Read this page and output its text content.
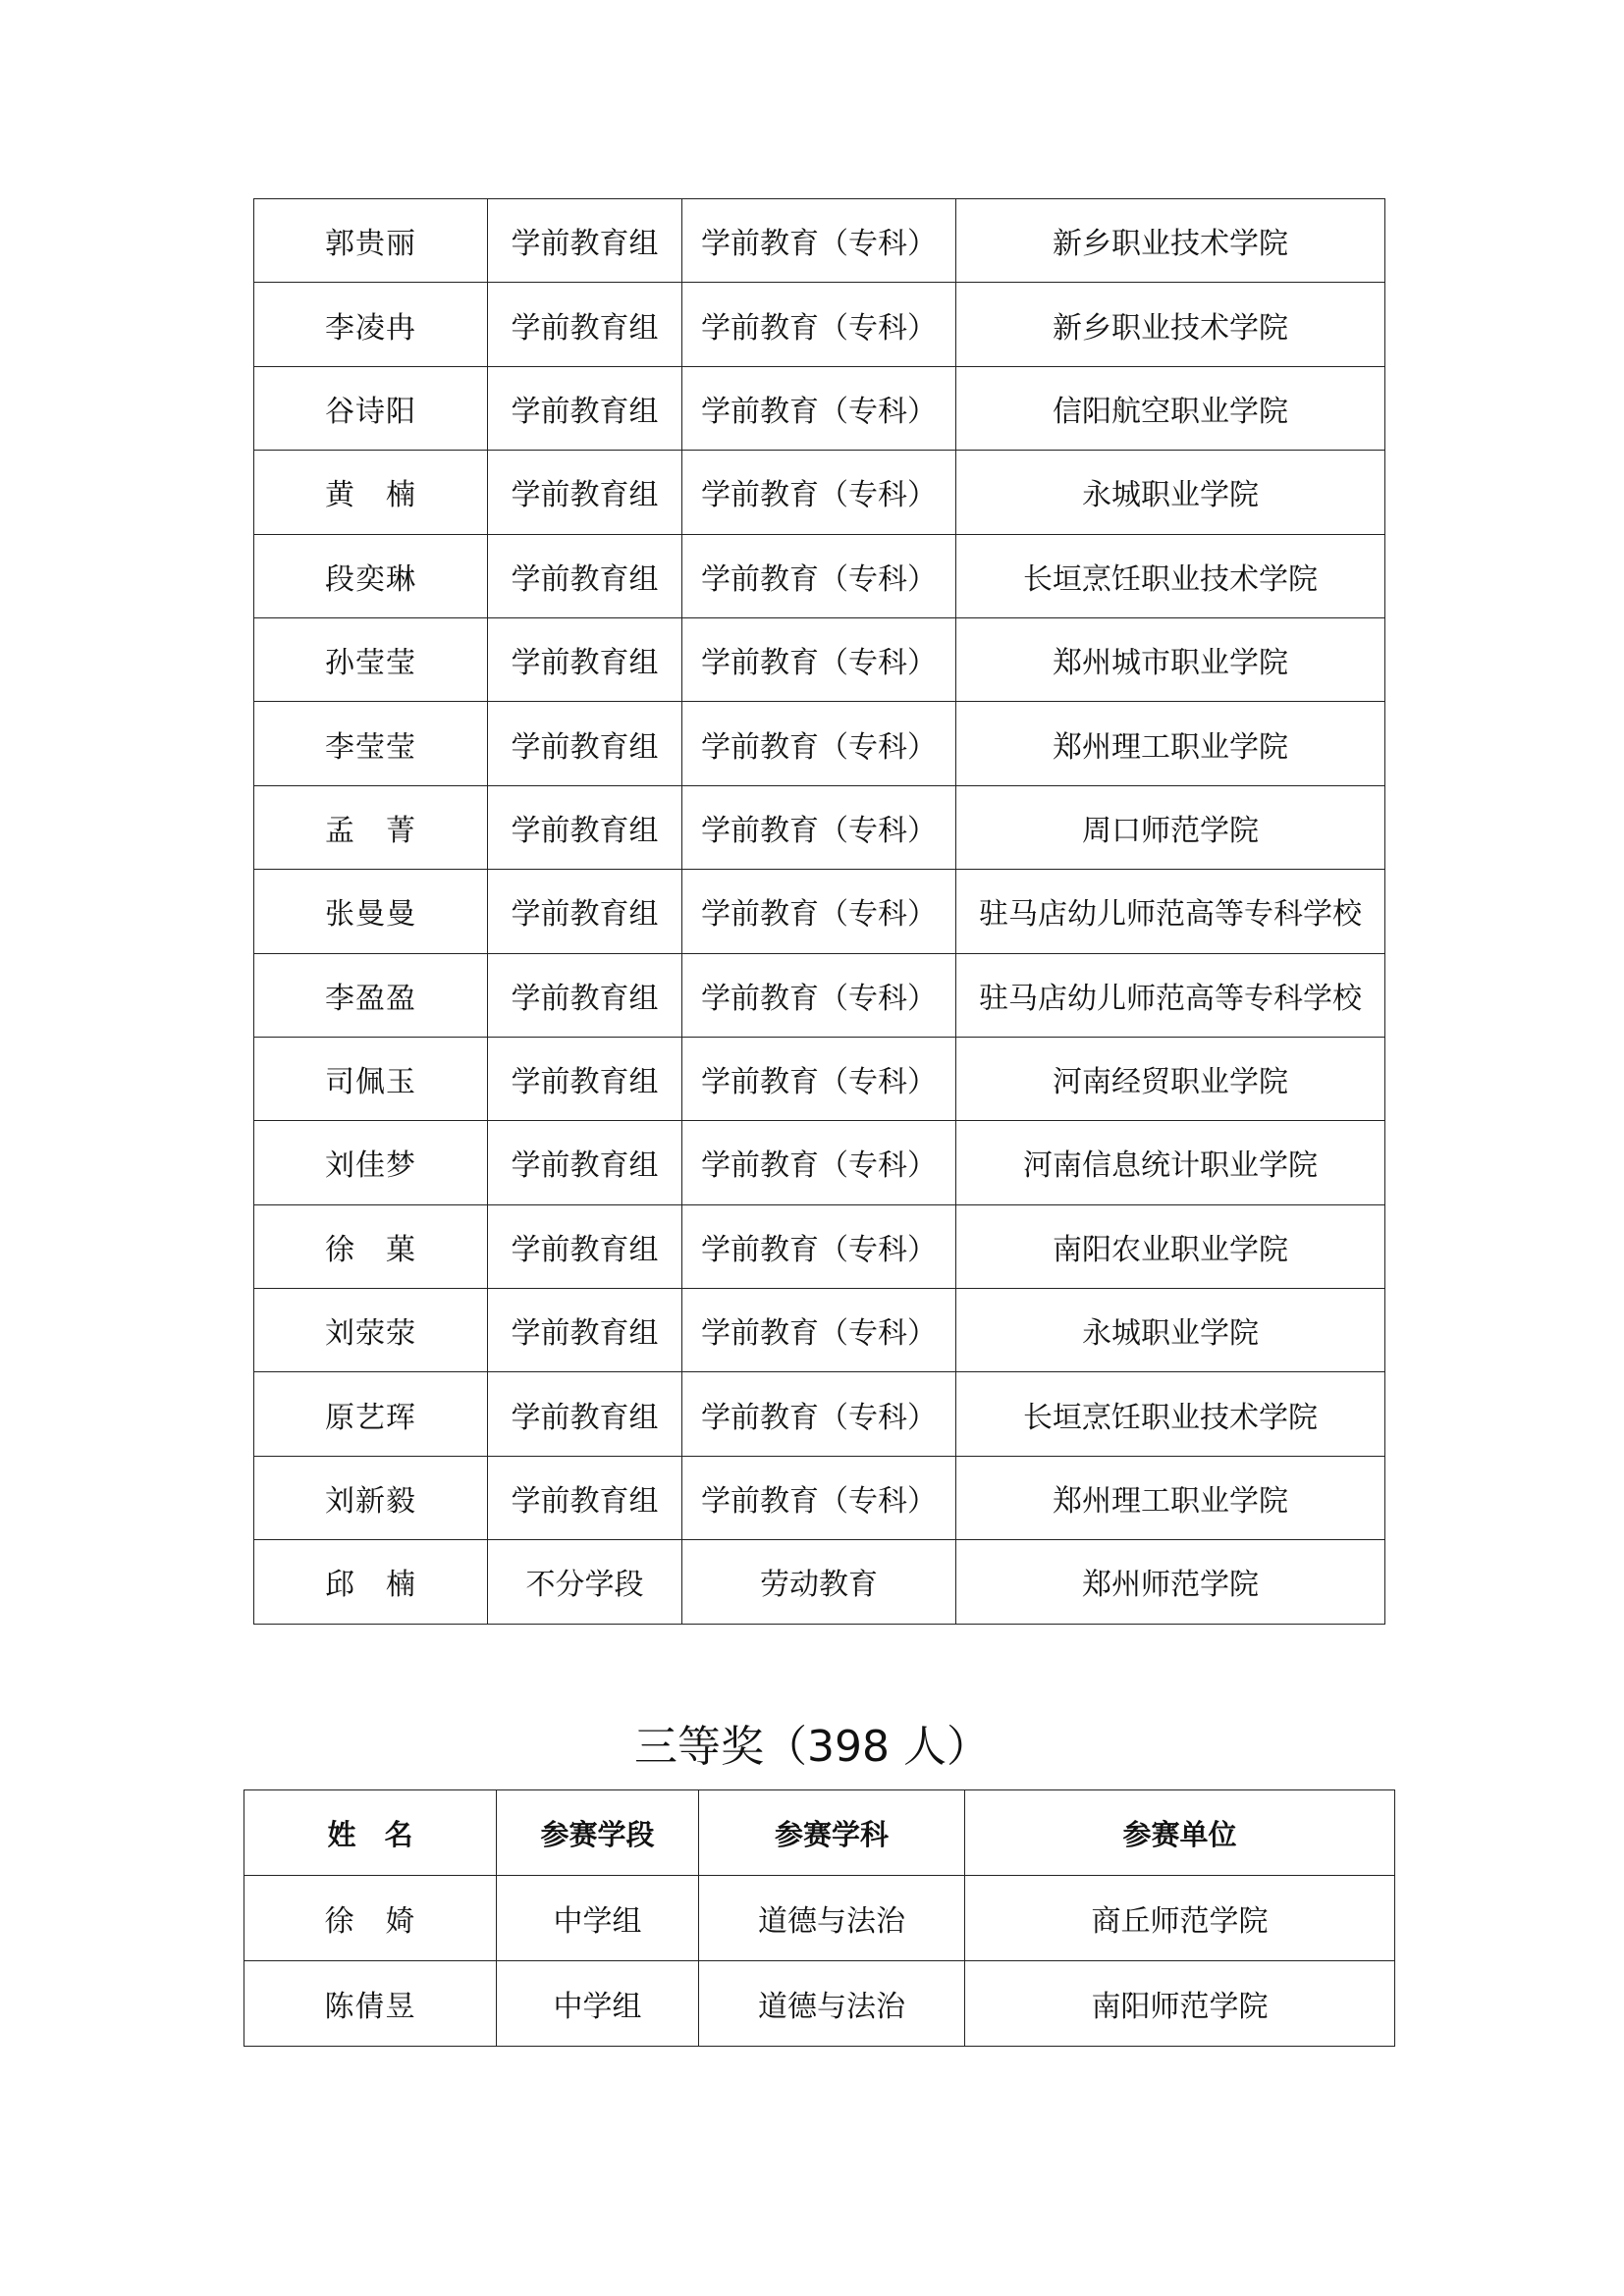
郭贵丽	学前教育组	学前教育（专科）	新乡职业技术学院
李凌冉	学前教育组	学前教育（专科）	新乡职业技术学院
谷诗阳	学前教育组	学前教育（专科）	信阳航空职业学院
黄　楠	学前教育组	学前教育（专科）	永城职业学院
段奕琳	学前教育组	学前教育（专科）	长垣烹饪职业技术学院
孙莹莹	学前教育组	学前教育（专科）	郑州城市职业学院
李莹莹	学前教育组	学前教育（专科）	郑州理工职业学院
孟　菁	学前教育组	学前教育（专科）	周口师范学院
张曼曼	学前教育组	学前教育（专科）	驻马店幼儿师范高等专科学校
李盈盈	学前教育组	学前教育（专科）	驻马店幼儿师范高等专科学校
司佩玉	学前教育组	学前教育（专科）	河南经贸职业学院
刘佳梦	学前教育组	学前教育（专科）	河南信息统计职业学院
徐　菓	学前教育组	学前教育（专科）	南阳农业职业学院
刘荥荥	学前教育组	学前教育（专科）	永城职业学院
原艺珲	学前教育组	学前教育（专科）	长垣烹饪职业技术学院
刘新毅	学前教育组	学前教育（专科）	郑州理工职业学院
邱　楠	不分学段	劳动教育	郑州师范学院
三等奖（398 人）
姓　名	参赛学段	参赛学科	参赛单位
徐　婍	中学组	道德与法治	商丘师范学院
陈倩昱	中学组	道德与法治	南阳师范学院
